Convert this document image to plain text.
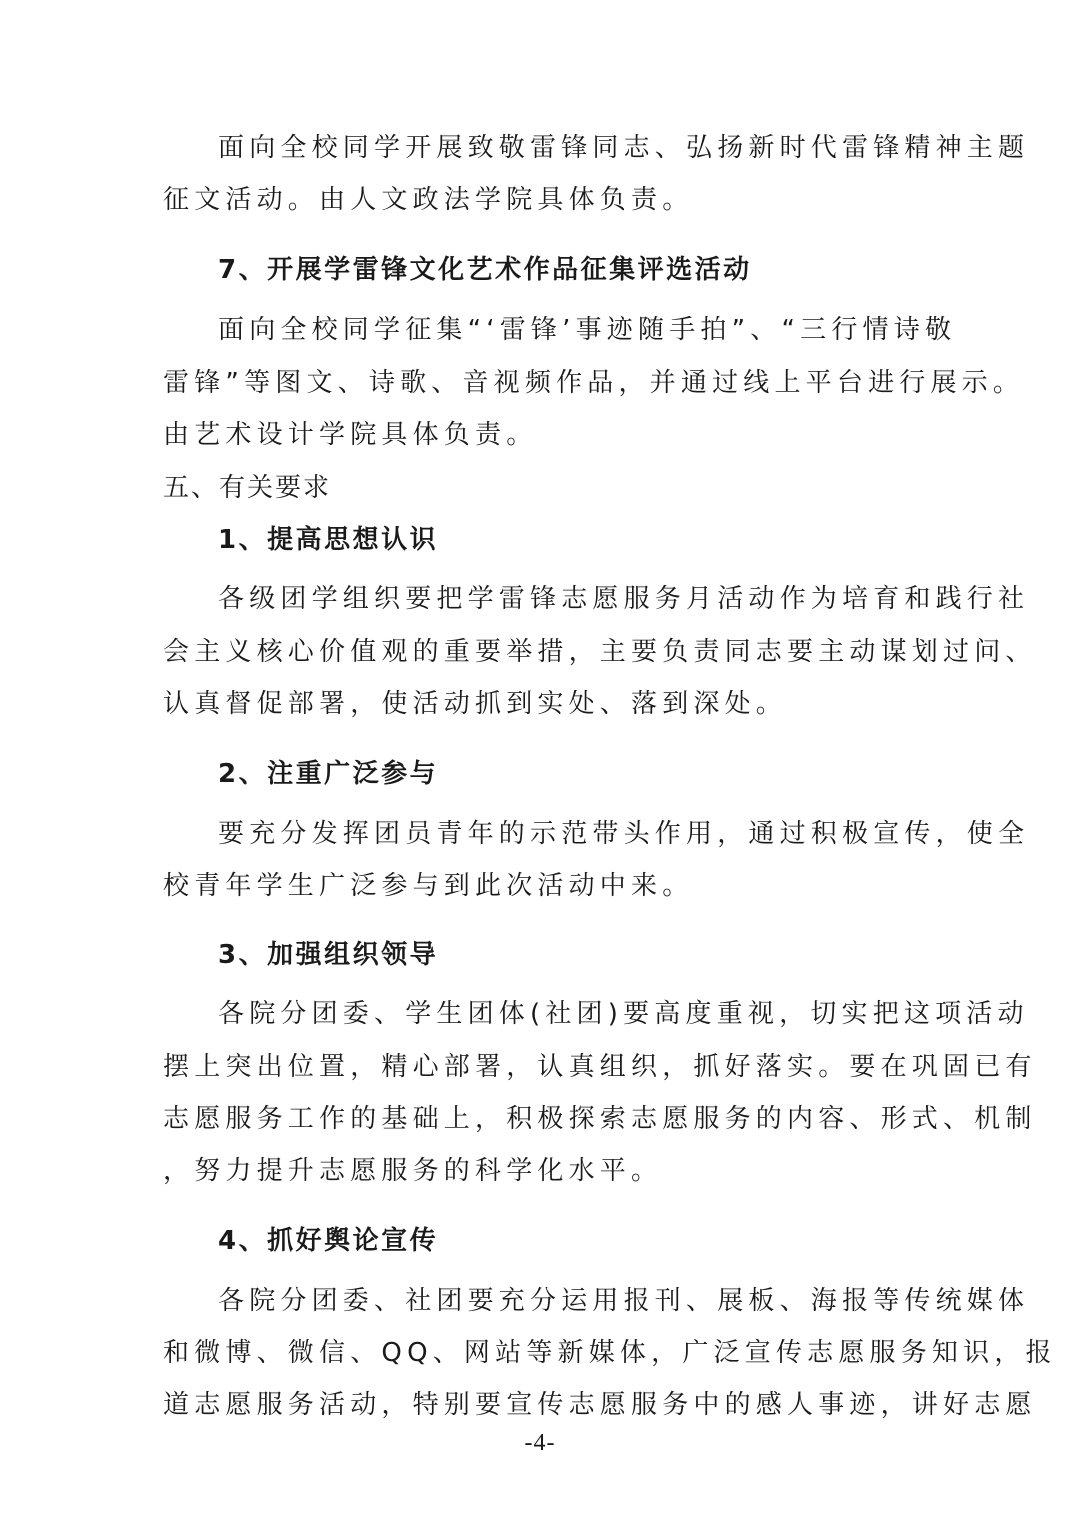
面向全校同学开展致敬雷锋同志、弘扬新时代雷锋精神主题
征文活动。由人文政法学院具体负责。
7、开展学雷锋文化艺术作品征集评选活动
面向全校同学征集“‘雷锋’事迹随手拍”、“三行情诗敬
雷锋”等图文、诗歌、音视频作品，并通过线上平台进行展示。
由艺术设计学院具体负责。
五、有关要求
1、提高思想认识
各级团学组织要把学雷锋志愿服务月活动作为培育和践行社
会主义核心价值观的重要举措，主要负责同志要主动谋划过问、
认真督促部署，使活动抓到实处、落到深处。
2、注重广泛参与
要充分发挥团员青年的示范带头作用，通过积极宣传，使全
校青年学生广泛参与到此次活动中来。
3、加强组织领导
各院分团委、学生团体(社团)要高度重视，切实把这项活动
摆上突出位置，精心部署，认真组织，抓好落实。要在巩固已有
志愿服务工作的基础上，积极探索志愿服务的内容、形式、机制
，努力提升志愿服务的科学化水平。
4、抓好舆论宣传
各院分团委、社团要充分运用报刊、展板、海报等传统媒体
和微博、微信、QQ、网站等新媒体，广泛宣传志愿服务知识，报
道志愿服务活动，特别要宣传志愿服务中的感人事迹，讲好志愿
-4-
